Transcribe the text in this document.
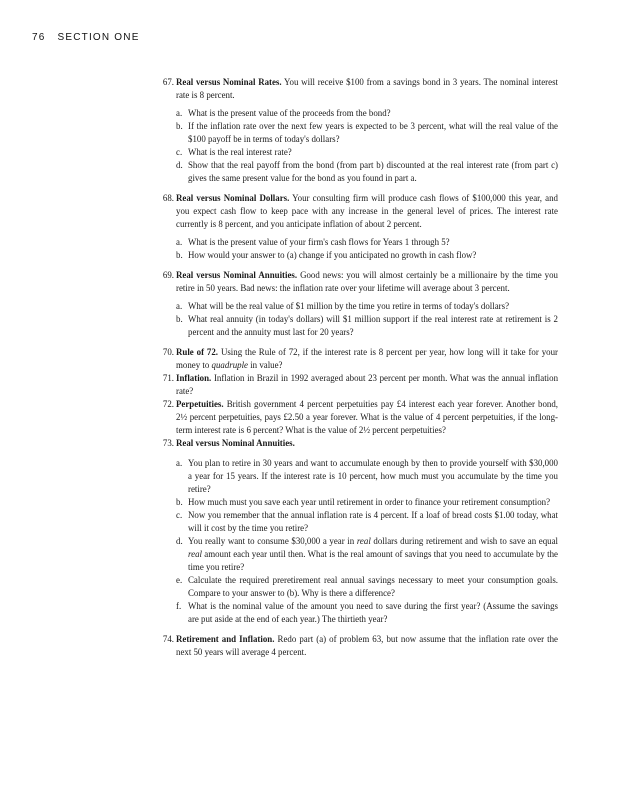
76 SECTION ONE
67. Real versus Nominal Rates. You will receive $100 from a savings bond in 3 years. The nominal interest rate is 8 percent.
a. What is the present value of the proceeds from the bond?
b. If the inflation rate over the next few years is expected to be 3 percent, what will the real value of the $100 payoff be in terms of today's dollars?
c. What is the real interest rate?
d. Show that the real payoff from the bond (from part b) discounted at the real interest rate (from part c) gives the same present value for the bond as you found in part a.
68. Real versus Nominal Dollars. Your consulting firm will produce cash flows of $100,000 this year, and you expect cash flow to keep pace with any increase in the general level of prices. The interest rate currently is 8 percent, and you anticipate inflation of about 2 percent.
a. What is the present value of your firm's cash flows for Years 1 through 5?
b. How would your answer to (a) change if you anticipated no growth in cash flow?
69. Real versus Nominal Annuities. Good news: you will almost certainly be a millionaire by the time you retire in 50 years. Bad news: the inflation rate over your lifetime will average about 3 percent.
a. What will be the real value of $1 million by the time you retire in terms of today's dollars?
b. What real annuity (in today's dollars) will $1 million support if the real interest rate at retirement is 2 percent and the annuity must last for 20 years?
70. Rule of 72. Using the Rule of 72, if the interest rate is 8 percent per year, how long will it take for your money to quadruple in value?
71. Inflation. Inflation in Brazil in 1992 averaged about 23 percent per month. What was the annual inflation rate?
72. Perpetuities. British government 4 percent perpetuities pay £4 interest each year forever. Another bond, 2½ percent perpetuities, pays £2.50 a year forever. What is the value of 4 percent perpetuities, if the long-term interest rate is 6 percent? What is the value of 2½ percent perpetuities?
73. Real versus Nominal Annuities.
a. You plan to retire in 30 years and want to accumulate enough by then to provide yourself with $30,000 a year for 15 years. If the interest rate is 10 percent, how much must you accumulate by the time you retire?
b. How much must you save each year until retirement in order to finance your retirement consumption?
c. Now you remember that the annual inflation rate is 4 percent. If a loaf of bread costs $1.00 today, what will it cost by the time you retire?
d. You really want to consume $30,000 a year in real dollars during retirement and wish to save an equal real amount each year until then. What is the real amount of savings that you need to accumulate by the time you retire?
e. Calculate the required preretirement real annual savings necessary to meet your consumption goals. Compare to your answer to (b). Why is there a difference?
f. What is the nominal value of the amount you need to save during the first year? (Assume the savings are put aside at the end of each year.) The thirtieth year?
74. Retirement and Inflation. Redo part (a) of problem 63, but now assume that the inflation rate over the next 50 years will average 4 percent.
